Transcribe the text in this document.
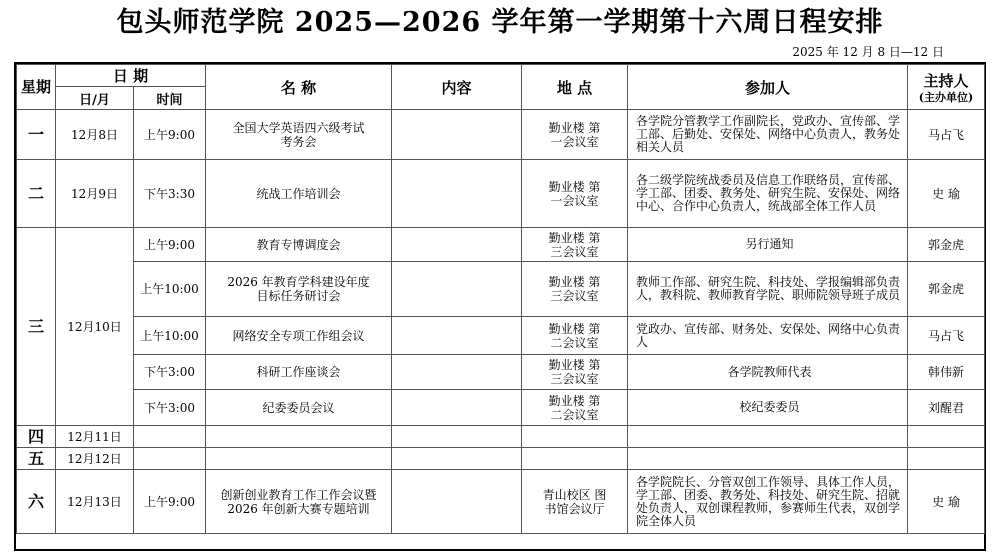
包头师范学院 2025—2026 学年第一学期第十六周日程安排
2025 年 12 月 8 日—12 日
星期	日 期		名 称	内容	地 点	参加人	主持人
(主办单位)

	日/月	时间					
一	12月8日	上午9:00	全国大学英语四六级考试考务会		勤业楼 第一会议室	各学院分管教学工作副院长，党政办、宣传部、学工部、后勤处、安保处、网络中心负责人，教务处相关人员	马占飞
二	12月9日	下午3:30	统战工作培训会		勤业楼 第一会议室	各二级学院统战委员及信息工作联络员，宣传部、学工部、团委、教务处、研究生院、安保处、网络中心、合作中心负责人，统战部全体工作人员	史 瑜
三	12月10日	上午9:00	教育专博调度会		勤业楼 第三会议室	另行通知	郭金虎
		上午10:00	2026 年教育学科建设年度目标任务研讨会		勤业楼 第三会议室	教师工作部、研究生院、科技处、学报编辑部负责人，教科院、教师教育学院、职师院领导班子成员	郭金虎
		上午10:00	网络安全专项工作组会议		勤业楼 第二会议室	党政办、宣传部、财务处、安保处、网络中心负责人	马占飞
		下午3:00	科研工作座谈会		勤业楼 第三会议室	各学院教师代表	韩伟新
		下午3:00	纪委委员会议		勤业楼 第二会议室	校纪委委员	刘醒君
四	12月11日						
五	12月12日						
六	12月13日	上午9:00	创新创业教育工作工作会议暨2026 年创新大赛专题培训		青山校区 图书馆会议厅	各学院院长、分管双创工作领导、具体工作人员，学工部、团委、教务处、科技处、研究生院、招就处负责人，双创课程教师，参赛师生代表，双创学院全体人员	史 瑜
